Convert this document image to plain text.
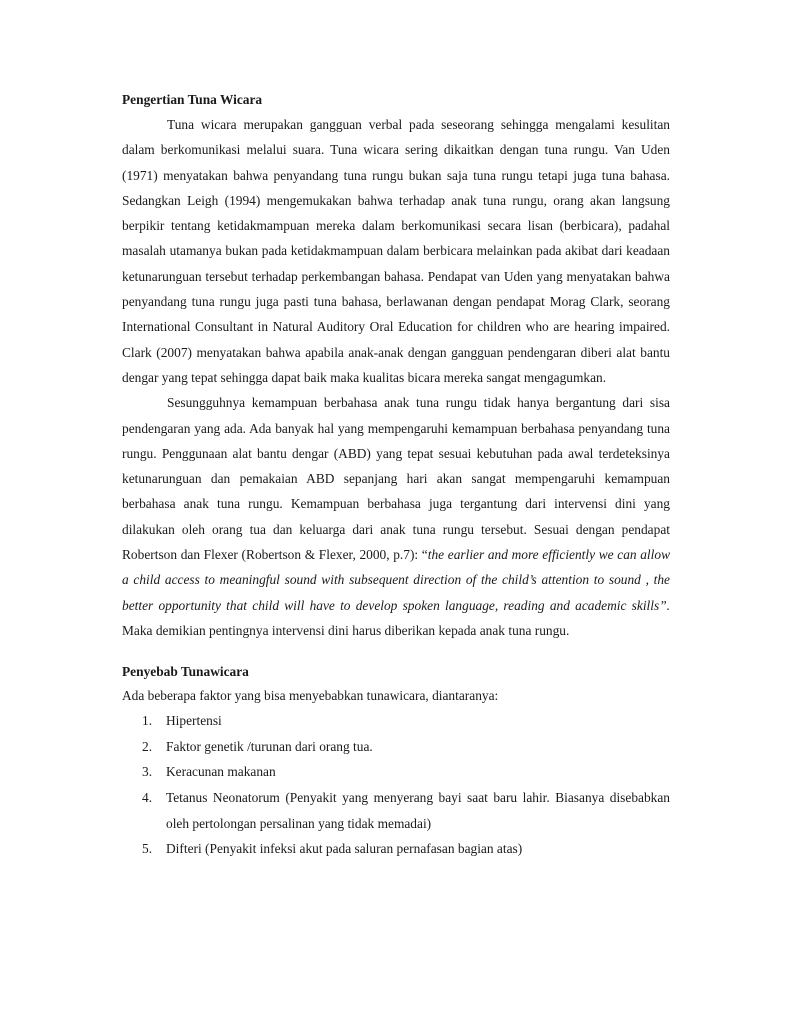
Pengertian Tuna Wicara

Tuna wicara merupakan gangguan verbal pada seseorang sehingga mengalami kesulitan dalam berkomunikasi melalui suara. Tuna wicara sering dikaitkan dengan tuna rungu. Van Uden (1971) menyatakan bahwa penyandang tuna rungu bukan saja tuna rungu tetapi juga tuna bahasa. Sedangkan Leigh (1994) mengemukakan bahwa terhadap anak tuna rungu, orang akan langsung berpikir tentang ketidakmampuan mereka dalam berkomunikasi secara lisan (berbicara), padahal masalah utamanya bukan pada ketidakmampuan dalam berbicara melainkan pada akibat dari keadaan ketunarunguan tersebut terhadap perkembangan bahasa. Pendapat van Uden yang menyatakan bahwa penyandang tuna rungu juga pasti tuna bahasa, berlawanan dengan pendapat Morag Clark, seorang International Consultant in Natural Auditory Oral Education for children who are hearing impaired. Clark (2007) menyatakan bahwa apabila anak-anak dengan gangguan pendengaran diberi alat bantu dengar yang tepat sehingga dapat baik maka kualitas bicara mereka sangat mengagumkan.

Sesungguhnya kemampuan berbahasa anak tuna rungu tidak hanya bergantung dari sisa pendengaran yang ada. Ada banyak hal yang mempengaruhi kemampuan berbahasa penyandang tuna rungu. Penggunaan alat bantu dengar (ABD) yang tepat sesuai kebutuhan pada awal terdeteksinya ketunarunguan dan pemakaian ABD sepanjang hari akan sangat mempengaruhi kemampuan berbahasa anak tuna rungu. Kemampuan berbahasa juga tergantung dari intervensi dini yang dilakukan oleh orang tua dan keluarga dari anak tuna rungu tersebut. Sesuai dengan pendapat Robertson dan Flexer (Robertson & Flexer, 2000, p.7): “the earlier and more efficiently we can allow a child access to meaningful sound with subsequent direction of the child’s attention to sound , the better opportunity that child will have to develop spoken language, reading and academic skills”. Maka demikian pentingnya intervensi dini harus diberikan kepada anak tuna rungu.

Penyebab Tunawicara

Ada beberapa faktor yang bisa menyebabkan tunawicara, diantaranya:

1. Hipertensi
2. Faktor genetik /turunan dari orang tua.
3. Keracunan makanan
4. Tetanus Neonatorum (Penyakit yang menyerang bayi saat baru lahir. Biasanya disebabkan oleh pertolongan persalinan yang tidak memadai)
5. Difteri (Penyakit infeksi akut pada saluran pernafasan bagian atas)
